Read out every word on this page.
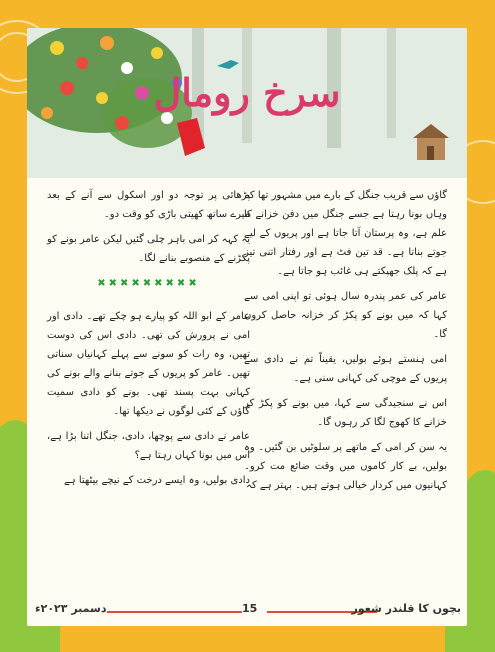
سرخ رومال

گاؤں سے قریب جنگل کے بارے میں مشہور تھا کہ وہاں بونا رہتا ہے جسے جنگل میں دفن خزانے کا علم ہے، وہ پرستان آتا جاتا ہے اور پریوں کے لیے جوتے بناتا ہے۔ قد تین فٹ ہے اور رفتار اتنی تیز ہے کہ پلک جھپکتے ہی غائب ہو جاتا ہے۔

عامر کی عمر پندرہ سال ہوئی تو اپنی امی سے کہا کہ میں بونے کو پکڑ کر خزانہ حاصل کروں گا۔

امی ہنستے ہوئے بولیں، یقیناً تم نے دادی سے پریوں کے موچی کی کہانی سنی ہے۔

اس نے سنجیدگی سے کہا، میں بونے کو پکڑ کر خزانے کا کھوج لگا کر رہوں گا۔

یہ سن کر امی کے ماتھے پر سلوٹیں بن گئیں۔ وہ بولیں، بے کار کاموں میں وقت ضائع مت کرو۔ کہانیوں میں کردار خیالی ہوتے ہیں۔ بہتر ہے کہ

پڑھائی پر توجہ دو اور اسکول سے آنے کے بعد میرے ساتھ کھیتی باڑی کو وقت دو۔

یہ کہہ کر امی باہر چلی گئیں لیکن عامر بونے کو پکڑنے کے منصوبے بنانے لگا۔

✖✖✖✖✖✖✖✖✖

عامر کے ابو اللہ کو پیارے ہو چکے تھے۔ دادی اور امی نے پرورش کی تھی۔ دادی اس کی دوست تھیں، وہ رات کو سونے سے پہلے کہانیاں سناتی تھیں۔ عامر کو پریوں کے جوتے بنانے والے بونے کی کہانی بہت پسند تھی۔ بونے کو دادی سمیت گاؤں کے کئی لوگوں نے دیکھا تھا۔

عامر نے دادی سے پوچھا، دادی، جنگل اتنا بڑا ہے، اس میں بونا کہاں رہتا ہے؟

دادی بولیں، وہ ایسے درخت کے نیچے بیٹھتا ہے

دسمبر ۲۰۲۳ء	15	بچوں کا قلندر شعور
